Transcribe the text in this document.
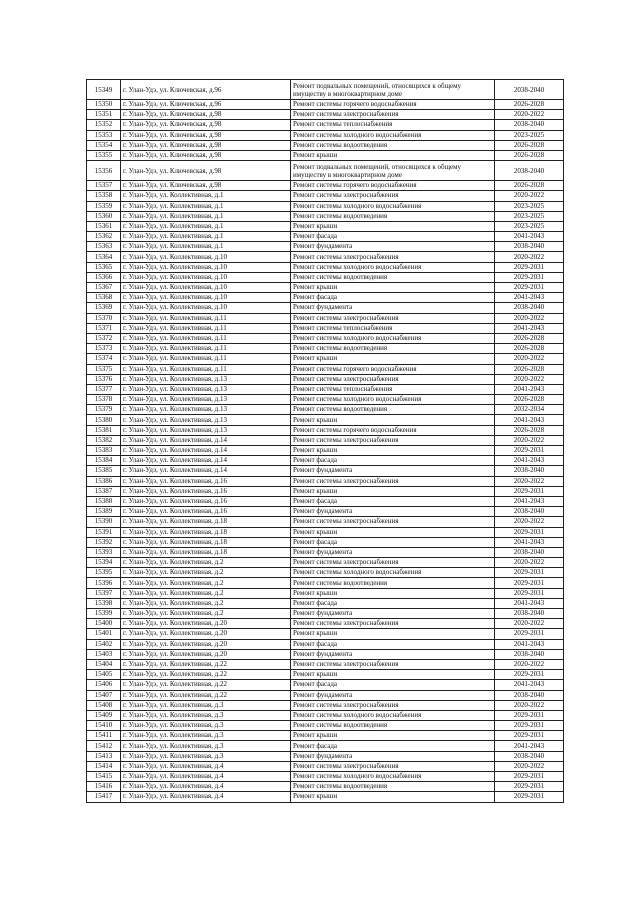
15349	г. Улан-Удэ, ул. Ключевская, д.96	Ремонт подвальных помещений, относящихся к общему имуществу в многоквартирном доме	2038-2040
15350	г. Улан-Удэ, ул. Ключевская, д.96	Ремонт системы горячего водоснабжения	2026-2028
15351	г. Улан-Удэ, ул. Ключевская, д.98	Ремонт системы электроснабжения	2020-2022
15352	г. Улан-Удэ, ул. Ключевская, д.98	Ремонт системы теплоснабжения	2038-2040
15353	г. Улан-Удэ, ул. Ключевская, д.98	Ремонт системы холодного водоснабжения	2023-2025
15354	г. Улан-Удэ, ул. Ключевская, д.98	Ремонт системы водоотведения	2026-2028
15355	г. Улан-Удэ, ул. Ключевская, д.98	Ремонт крыши	2026-2028
15356	г. Улан-Удэ, ул. Ключевская, д.98	Ремонт подвальных помещений, относящихся к общему имуществу в многоквартирном доме	2038-2040
15357	г. Улан-Удэ, ул. Ключевская, д.98	Ремонт системы горячего водоснабжения	2026-2028
15358	г. Улан-Удэ, ул. Коллективная, д.1	Ремонт системы электроснабжения	2020-2022
15359	г. Улан-Удэ, ул. Коллективная, д.1	Ремонт системы холодного водоснабжения	2023-2025
15360	г. Улан-Удэ, ул. Коллективная, д.1	Ремонт системы водоотведения	2023-2025
15361	г. Улан-Удэ, ул. Коллективная, д.1	Ремонт крыши	2023-2025
15362	г. Улан-Удэ, ул. Коллективная, д.1	Ремонт фасада	2041-2043
15363	г. Улан-Удэ, ул. Коллективная, д.1	Ремонт фундамента	2038-2040
15364	г. Улан-Удэ, ул. Коллективная, д.10	Ремонт системы электроснабжения	2020-2022
15365	г. Улан-Удэ, ул. Коллективная, д.10	Ремонт системы холодного водоснабжения	2029-2031
15366	г. Улан-Удэ, ул. Коллективная, д.10	Ремонт системы водоотведения	2029-2031
15367	г. Улан-Удэ, ул. Коллективная, д.10	Ремонт крыши	2029-2031
15368	г. Улан-Удэ, ул. Коллективная, д.10	Ремонт фасада	2041-2043
15369	г. Улан-Удэ, ул. Коллективная, д.10	Ремонт фундамента	2038-2040
15370	г. Улан-Удэ, ул. Коллективная, д.11	Ремонт системы электроснабжения	2020-2022
15371	г. Улан-Удэ, ул. Коллективная, д.11	Ремонт системы теплоснабжения	2041-2043
15372	г. Улан-Удэ, ул. Коллективная, д.11	Ремонт системы холодного водоснабжения	2026-2028
15373	г. Улан-Удэ, ул. Коллективная, д.11	Ремонт системы водоотведения	2026-2028
15374	г. Улан-Удэ, ул. Коллективная, д.11	Ремонт крыши	2020-2022
15375	г. Улан-Удэ, ул. Коллективная, д.11	Ремонт системы горячего водоснабжения	2026-2028
15376	г. Улан-Удэ, ул. Коллективная, д.13	Ремонт системы электроснабжения	2020-2022
15377	г. Улан-Удэ, ул. Коллективная, д.13	Ремонт системы теплоснабжения	2041-2043
15378	г. Улан-Удэ, ул. Коллективная, д.13	Ремонт системы холодного водоснабжения	2026-2028
15379	г. Улан-Удэ, ул. Коллективная, д.13	Ремонт системы водоотведения	2032-2034
15380	г. Улан-Удэ, ул. Коллективная, д.13	Ремонт крыши	2041-2043
15381	г. Улан-Удэ, ул. Коллективная, д.13	Ремонт системы горячего водоснабжения	2026-2028
15382	г. Улан-Удэ, ул. Коллективная, д.14	Ремонт системы электроснабжения	2020-2022
15383	г. Улан-Удэ, ул. Коллективная, д.14	Ремонт крыши	2029-2031
15384	г. Улан-Удэ, ул. Коллективная, д.14	Ремонт фасада	2041-2043
15385	г. Улан-Удэ, ул. Коллективная, д.14	Ремонт фундамента	2038-2040
15386	г. Улан-Удэ, ул. Коллективная, д.16	Ремонт системы электроснабжения	2020-2022
15387	г. Улан-Удэ, ул. Коллективная, д.16	Ремонт крыши	2029-2031
15388	г. Улан-Удэ, ул. Коллективная, д.16	Ремонт фасада	2041-2043
15389	г. Улан-Удэ, ул. Коллективная, д.16	Ремонт фундамента	2038-2040
15390	г. Улан-Удэ, ул. Коллективная, д.18	Ремонт системы электроснабжения	2020-2022
15391	г. Улан-Удэ, ул. Коллективная, д.18	Ремонт крыши	2029-2031
15392	г. Улан-Удэ, ул. Коллективная, д.18	Ремонт фасада	2041-2043
15393	г. Улан-Удэ, ул. Коллективная, д.18	Ремонт фундамента	2038-2040
15394	г. Улан-Удэ, ул. Коллективная, д.2	Ремонт системы электроснабжения	2020-2022
15395	г. Улан-Удэ, ул. Коллективная, д.2	Ремонт системы холодного водоснабжения	2029-2031
15396	г. Улан-Удэ, ул. Коллективная, д.2	Ремонт системы водоотведения	2029-2031
15397	г. Улан-Удэ, ул. Коллективная, д.2	Ремонт крыши	2029-2031
15398	г. Улан-Удэ, ул. Коллективная, д.2	Ремонт фасада	2041-2043
15399	г. Улан-Удэ, ул. Коллективная, д.2	Ремонт фундамента	2038-2040
15400	г. Улан-Удэ, ул. Коллективная, д.20	Ремонт системы электроснабжения	2020-2022
15401	г. Улан-Удэ, ул. Коллективная, д.20	Ремонт крыши	2029-2031
15402	г. Улан-Удэ, ул. Коллективная, д.20	Ремонт фасада	2041-2043
15403	г. Улан-Удэ, ул. Коллективная, д.20	Ремонт фундамента	2038-2040
15404	г. Улан-Удэ, ул. Коллективная, д.22	Ремонт системы электроснабжения	2020-2022
15405	г. Улан-Удэ, ул. Коллективная, д.22	Ремонт крыши	2029-2031
15406	г. Улан-Удэ, ул. Коллективная, д.22	Ремонт фасада	2041-2043
15407	г. Улан-Удэ, ул. Коллективная, д.22	Ремонт фундамента	2038-2040
15408	г. Улан-Удэ, ул. Коллективная, д.3	Ремонт системы электроснабжения	2020-2022
15409	г. Улан-Удэ, ул. Коллективная, д.3	Ремонт системы холодного водоснабжения	2029-2031
15410	г. Улан-Удэ, ул. Коллективная, д.3	Ремонт системы водоотведения	2029-2031
15411	г. Улан-Удэ, ул. Коллективная, д.3	Ремонт крыши	2029-2031
15412	г. Улан-Удэ, ул. Коллективная, д.3	Ремонт фасада	2041-2043
15413	г. Улан-Удэ, ул. Коллективная, д.3	Ремонт фундамента	2038-2040
15414	г. Улан-Удэ, ул. Коллективная, д.4	Ремонт системы электроснабжения	2020-2022
15415	г. Улан-Удэ, ул. Коллективная, д.4	Ремонт системы холодного водоснабжения	2029-2031
15416	г. Улан-Удэ, ул. Коллективная, д.4	Ремонт системы водоотведения	2029-2031
15417	г. Улан-Удэ, ул. Коллективная, д.4	Ремонт крыши	2029-2031
